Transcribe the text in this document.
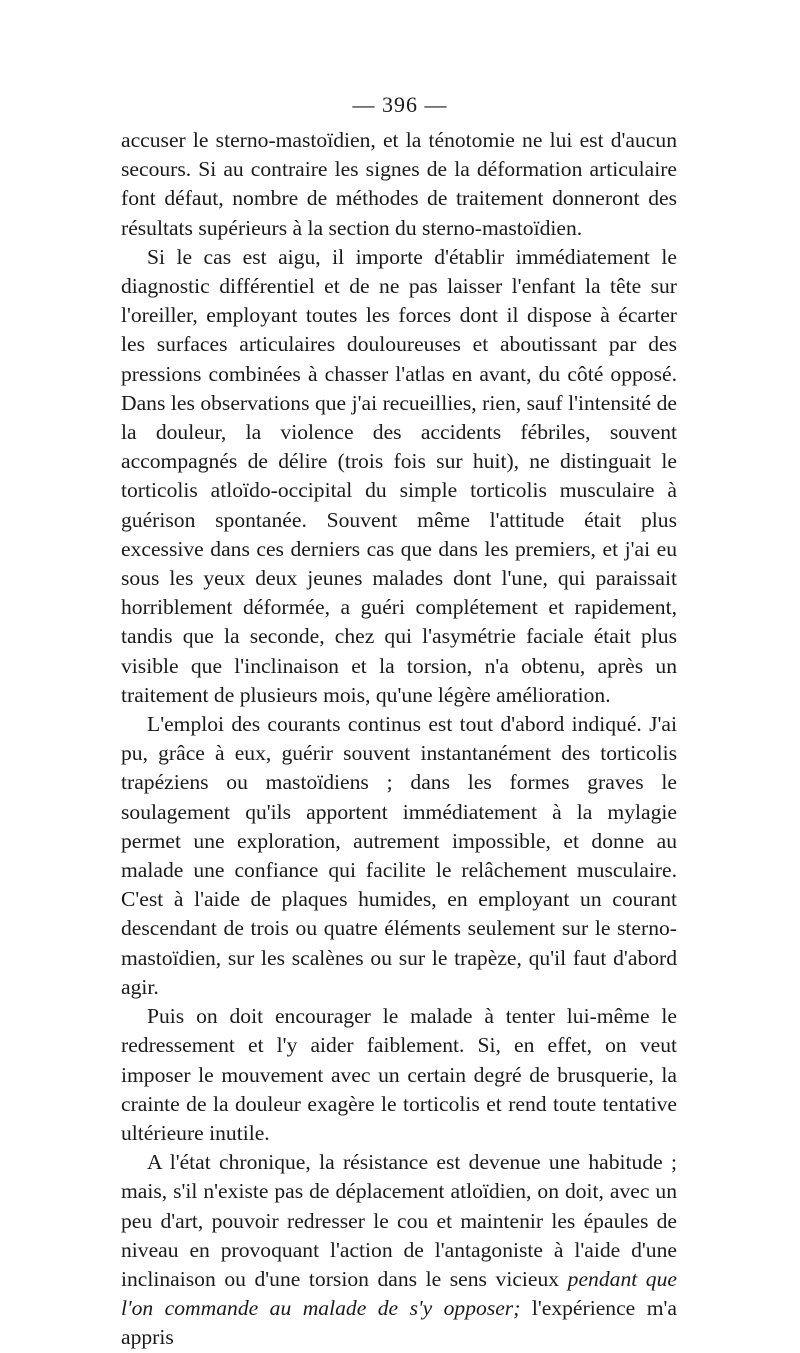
— 396 —

accuser le sterno-mastoïdien, et la ténotomie ne lui est d'aucun secours. Si au contraire les signes de la déformation articulaire font défaut, nombre de méthodes de traitement donneront des résultats supérieurs à la section du sterno-mastoïdien.

Si le cas est aigu, il importe d'établir immédiatement le diagnostic différentiel et de ne pas laisser l'enfant la tête sur l'oreiller, employant toutes les forces dont il dispose à écarter les surfaces articulaires douloureuses et aboutissant par des pressions combinées à chasser l'atlas en avant, du côté opposé. Dans les observations que j'ai recueillies, rien, sauf l'intensité de la douleur, la violence des accidents fébriles, souvent accompagnés de délire (trois fois sur huit), ne distinguait le torticolis atloïdo-occipital du simple torticolis musculaire à guérison spontanée. Souvent même l'attitude était plus excessive dans ces derniers cas que dans les premiers, et j'ai eu sous les yeux deux jeunes malades dont l'une, qui paraissait horriblement déformée, a guéri complétement et rapidement, tandis que la seconde, chez qui l'asymétrie faciale était plus visible que l'inclinaison et la torsion, n'a obtenu, après un traitement de plusieurs mois, qu'une légère amélioration.

L'emploi des courants continus est tout d'abord indiqué. J'ai pu, grâce à eux, guérir souvent instantanément des torticolis trapéziens ou mastoïdiens ; dans les formes graves le soulagement qu'ils apportent immédiatement à la mylagie permet une exploration, autrement impossible, et donne au malade une confiance qui facilite le relâchement musculaire. C'est à l'aide de plaques humides, en employant un courant descendant de trois ou quatre éléments seulement sur le sterno-mastoïdien, sur les scalènes ou sur le trapèze, qu'il faut d'abord agir.

Puis on doit encourager le malade à tenter lui-même le redressement et l'y aider faiblement. Si, en effet, on veut imposer le mouvement avec un certain degré de brusquerie, la crainte de la douleur exagère le torticolis et rend toute tentative ultérieure inutile.

A l'état chronique, la résistance est devenue une habitude ; mais, s'il n'existe pas de déplacement atloïdien, on doit, avec un peu d'art, pouvoir redresser le cou et maintenir les épaules de niveau en provoquant l'action de l'antagoniste à l'aide d'une inclinaison ou d'une torsion dans le sens vicieux pendant que l'on commande au malade de s'y opposer; l'expérience m'a appris
